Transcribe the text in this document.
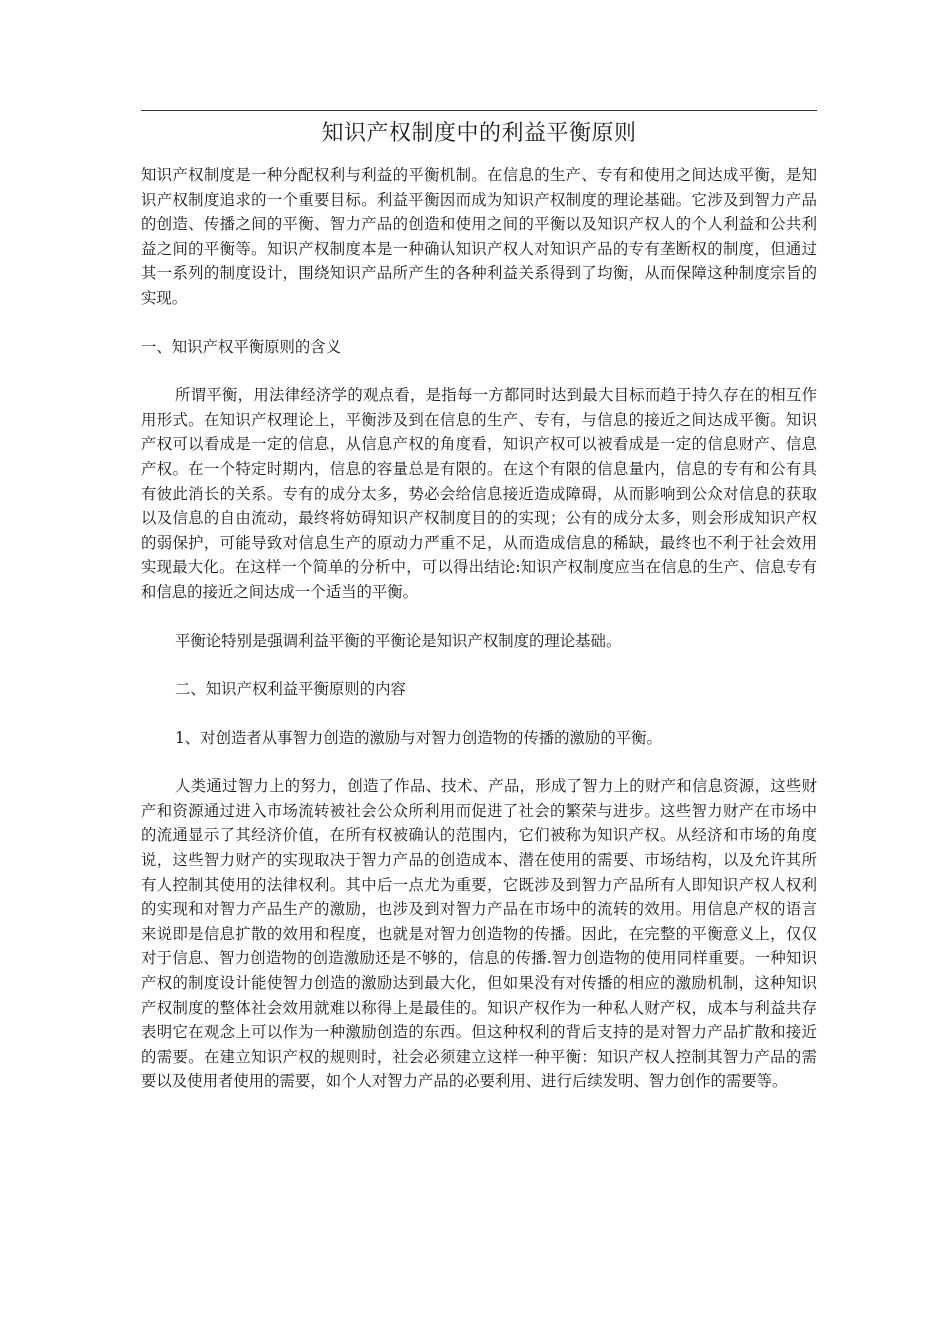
知识产权制度中的利益平衡原则

知识产权制度是一种分配权利与利益的平衡机制。在信息的生产、专有和使用之间达成平衡，是知识产权制度追求的一个重要目标。利益平衡因而成为知识产权制度的理论基础。它涉及到智力产品的创造、传播之间的平衡、智力产品的创造和使用之间的平衡以及知识产权人的个人利益和公共利益之间的平衡等。知识产权制度本是一种确认知识产权人对知识产品的专有垄断权的制度，但通过其一系列的制度设计，围绕知识产品所产生的各种利益关系得到了均衡，从而保障这种制度宗旨的实现。

一、知识产权平衡原则的含义

所谓平衡，用法律经济学的观点看，是指每一方都同时达到最大目标而趋于持久存在的相互作用形式。在知识产权理论上，平衡涉及到在信息的生产、专有，与信息的接近之间达成平衡。知识产权可以看成是一定的信息，从信息产权的角度看，知识产权可以被看成是一定的信息财产、信息产权。在一个特定时期内，信息的容量总是有限的。在这个有限的信息量内，信息的专有和公有具有彼此消长的关系。专有的成分太多，势必会给信息接近造成障碍，从而影响到公众对信息的获取以及信息的自由流动，最终将妨碍知识产权制度目的的实现；公有的成分太多，则会形成知识产权的弱保护，可能导致对信息生产的原动力严重不足，从而造成信息的稀缺，最终也不利于社会效用实现最大化。在这样一个简单的分析中，可以得出结论:知识产权制度应当在信息的生产、信息专有和信息的接近之间达成一个适当的平衡。

平衡论特别是强调利益平衡的平衡论是知识产权制度的理论基础。

二、知识产权利益平衡原则的内容

1、对创造者从事智力创造的激励与对智力创造物的传播的激励的平衡。

人类通过智力上的努力，创造了作品、技术、产品，形成了智力上的财产和信息资源，这些财产和资源通过进入市场流转被社会公众所利用而促进了社会的繁荣与进步。这些智力财产在市场中的流通显示了其经济价值，在所有权被确认的范围内，它们被称为知识产权。从经济和市场的角度说，这些智力财产的实现取决于智力产品的创造成本、潜在使用的需要、市场结构，以及允许其所有人控制其使用的法律权利。其中后一点尤为重要，它既涉及到智力产品所有人即知识产权人权利的实现和对智力产品生产的激励，也涉及到对智力产品在市场中的流转的效用。用信息产权的语言来说即是信息扩散的效用和程度，也就是对智力创造物的传播。因此，在完整的平衡意义上，仅仅对于信息、智力创造物的创造激励还是不够的，信息的传播.智力创造物的使用同样重要。一种知识产权的制度设计能使智力创造的激励达到最大化，但如果没有对传播的相应的激励机制，这种知识产权制度的整体社会效用就难以称得上是最佳的。知识产权作为一种私人财产权，成本与利益共存表明它在观念上可以作为一种激励创造的东西。但这种权利的背后支持的是对智力产品扩散和接近的需要。在建立知识产权的规则时，社会必须建立这样一种平衡：知识产权人控制其智力产品的需要以及使用者使用的需要，如个人对智力产品的必要利用、进行后续发明、智力创作的需要等。
